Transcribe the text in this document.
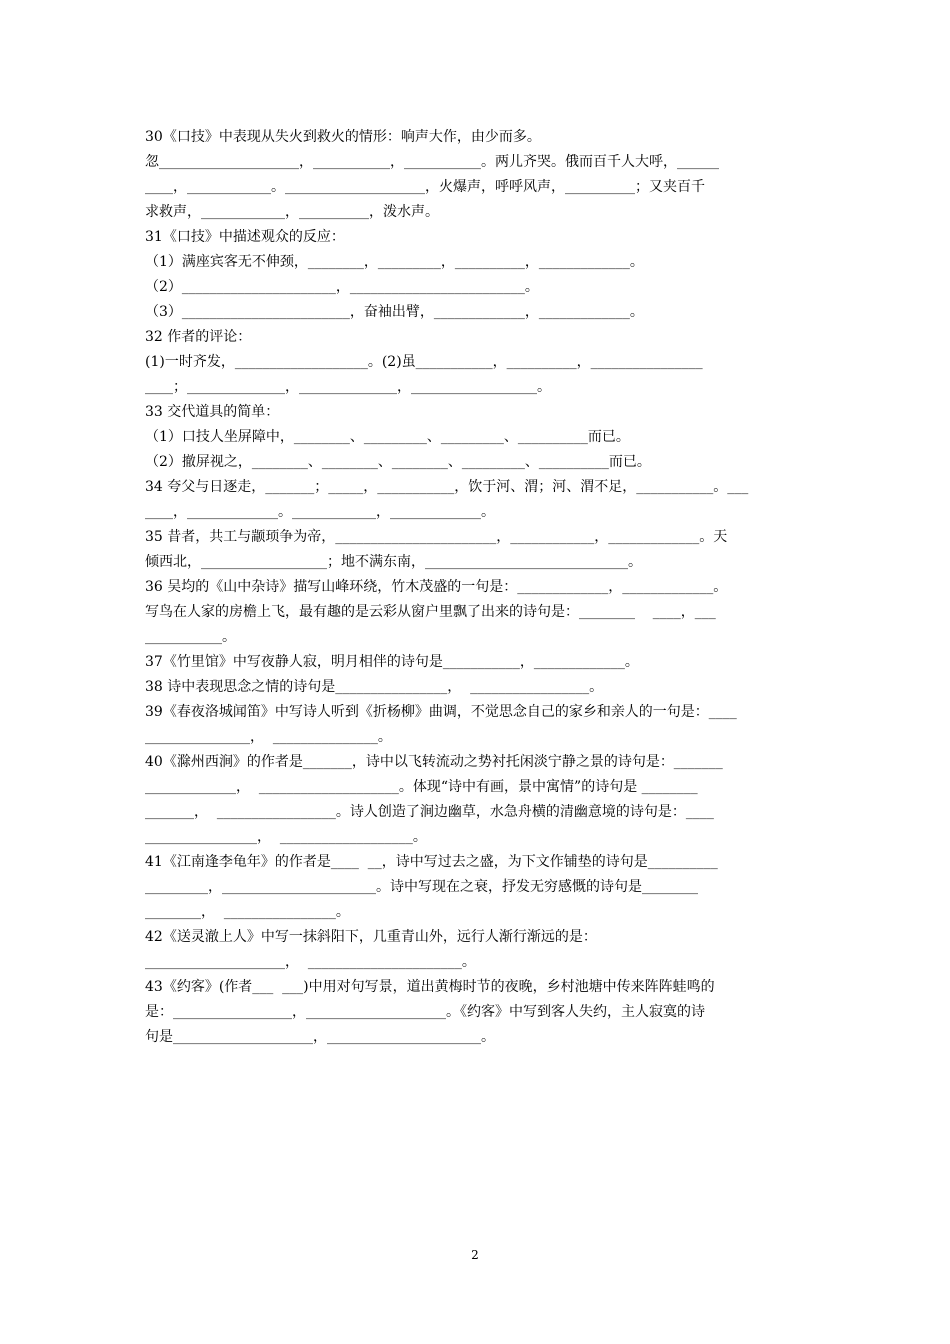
30《口技》中表现从失火到救火的情形：响声大作，由少而多。
忽____________________，___________，___________。两儿齐哭。俄而百千人大呼，______
____，____________。____________________，火爆声，呼呼风声，__________；又夹百千
求救声，____________，__________，泼水声。
31《口技》中描述观众的反应：
（1）满座宾客无不伸颈，________，_________，__________，_____________。
（2）______________________，_________________________。
（3）________________________，奋袖出臂，_____________，_____________。
32 作者的评论：
(1)一时齐发，___________________。(2)虽___________，__________，________________
____；______________，______________，__________________。
33 交代道具的简单：
（1）口技人坐屏障中，________、_________、_________、__________而已。
（2）撤屏视之，________、________、________、_________、__________而已。
34 夸父与日逐走，_______；_____，___________，饮于河、渭；河、渭不足，___________。___
____，_____________。____________，_____________。
35 昔者，共工与颛顼争为帝，_______________________，____________，_____________。天
倾西北，__________________；地不满东南，_____________________________。
36 吴均的《山中杂诗》描写山峰环绕，竹木茂盛的一句是：_____________，_____________。
写鸟在人家的房檐上飞，最有趣的是云彩从窗户里飘了出来的诗句是：________    ____，___
___________。
37《竹里馆》中写夜静人寂，明月相伴的诗句是___________，_____________。
38 诗中表现思念之情的诗句是________________，  _________________。
39《春夜洛城闻笛》中写诗人听到《折杨柳》曲调，不觉思念自己的家乡和亲人的一句是：____
_______________，  _______________。
40《滁州西涧》的作者是_______，诗中以飞转流动之势衬托闲淡宁静之景的诗句是：_______
_____________，  ____________________。体现“诗中有画，景中寓情”的诗句是 ________
_______，  _________________。诗人创造了涧边幽草，水急舟横的清幽意境的诗句是：____
________________，  ___________________。
41《江南逢李龟年》的作者是____  __，诗中写过去之盛，为下文作铺垫的诗句是__________
_________，______________________。诗中写现在之衰，抒发无穷感慨的诗句是________
________，  ________________。
42《送灵澈上人》中写一抹斜阳下，几重青山外，远行人渐行渐远的是：
____________________，  ______________________。
43《约客》(作者___  ___)中用对句写景，道出黄梅时节的夜晚，乡村池塘中传来阵阵蛙鸣的
是：_________________，____________________。《约客》中写到客人失约，主人寂寞的诗
句是____________________，______________________。
2
